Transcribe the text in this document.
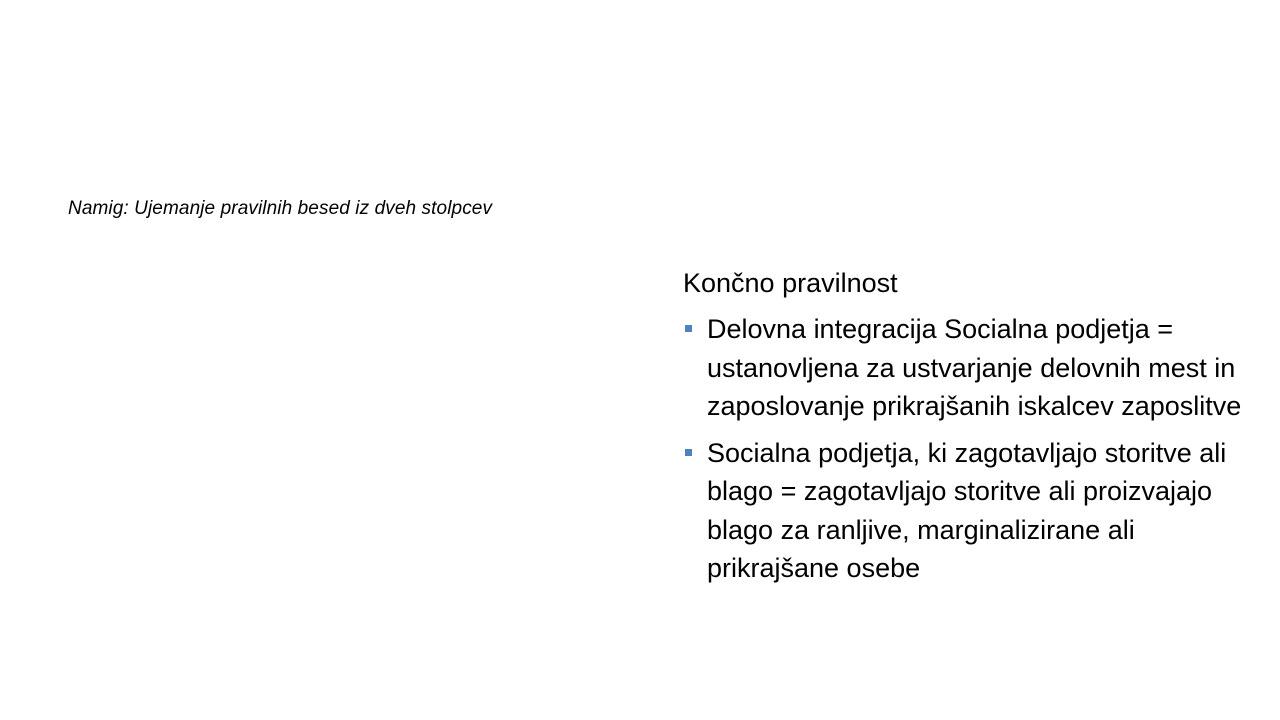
Namig: Ujemanje pravilnih besed iz dveh stolpcev
Končno pravilnost
Delovna integracija Socialna podjetja = ustanovljena za ustvarjanje delovnih mest in zaposlovanje prikrajšanih iskalcev zaposlitve
Socialna podjetja, ki zagotavljajo storitve ali blago = zagotavljajo storitve ali proizvajajo blago za ranljive, marginalizirane ali prikrajšane osebe
